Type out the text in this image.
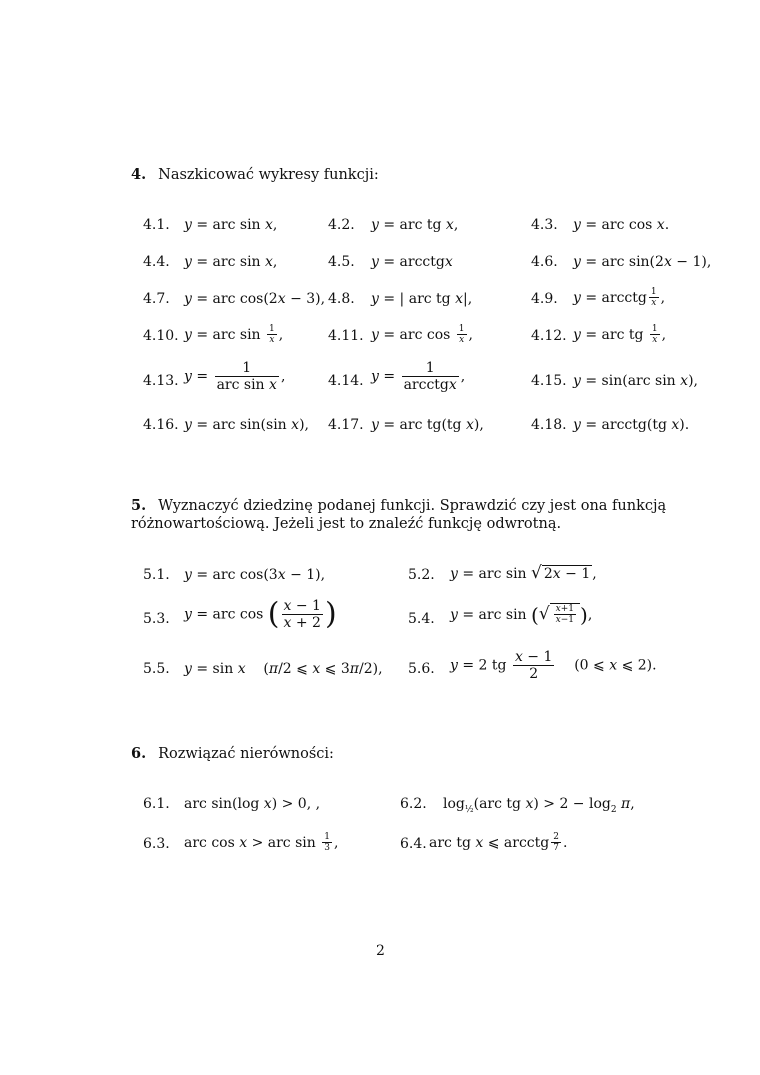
4. Naszkicować wykresy funkcji:
4.1. y = arc sin x,	4.2. y = arc tg x,	4.3. y = arc cos x.
4.4. y = arc sin x,	4.5. y = arcctgx	4.6. y = arc sin(2x − 1),
4.7. y = arc cos(2x − 3), 4.8. y = | arc tg x|,	4.9. y = arcctg $\frac{1}{x}$ ,
4.10. y = arc $\sin \frac{1}{x}$ ,	4.11. y = arc $\cos \frac{1}{x}$ ,	4.12. y = arc tg $\frac{1}{x}$ ,
4.13. $y = \frac{1}{\text{arc sin x}}$ ,	4.14. $y = \frac{1}{\text{arcctgx}}$ ,	4.15. y = sin(arc sin x),
4.16. y = arc sin(sin x), 4.17. y = arc tg(tg x),	4.18. y = arcctg(tg x).
5. Wyznaczyć dziedzinę podanej funkcji. Sprawdzić czy jest ona funkcją
różnowartościową. Jeżeli jest to znaleźć funkcję odwrotną.
5.1. y = arc cos(3x − 1),	5.2. y = arc sin √ 2x − 1 ,
5.3. y = arc cos ( $\frac{x - 1}{x + 2}$ )	5.4. y = arc sin (√ $\frac{x+1}{x-1}$ ),
5.5. y = sin x    (π/2 ⩽ x ⩽ 3π/2), 5.6. y = 2 tg $\frac{x - 1}{2} (0$ ⩽ x ⩽ 2).
6. Rozwiązać nierówności:
6.1. arc sin(log x) > 0, ,	6.2. $\log_{\frac{1}{2}}(arc$ tg $x) > 2 - \log_2 \pi$,
6.3. arc cos x > arc $\sin \frac{1}{3}$ ,	6.4. arc tg x ⩽ arcctg $\frac{2}{7}$ .
2
